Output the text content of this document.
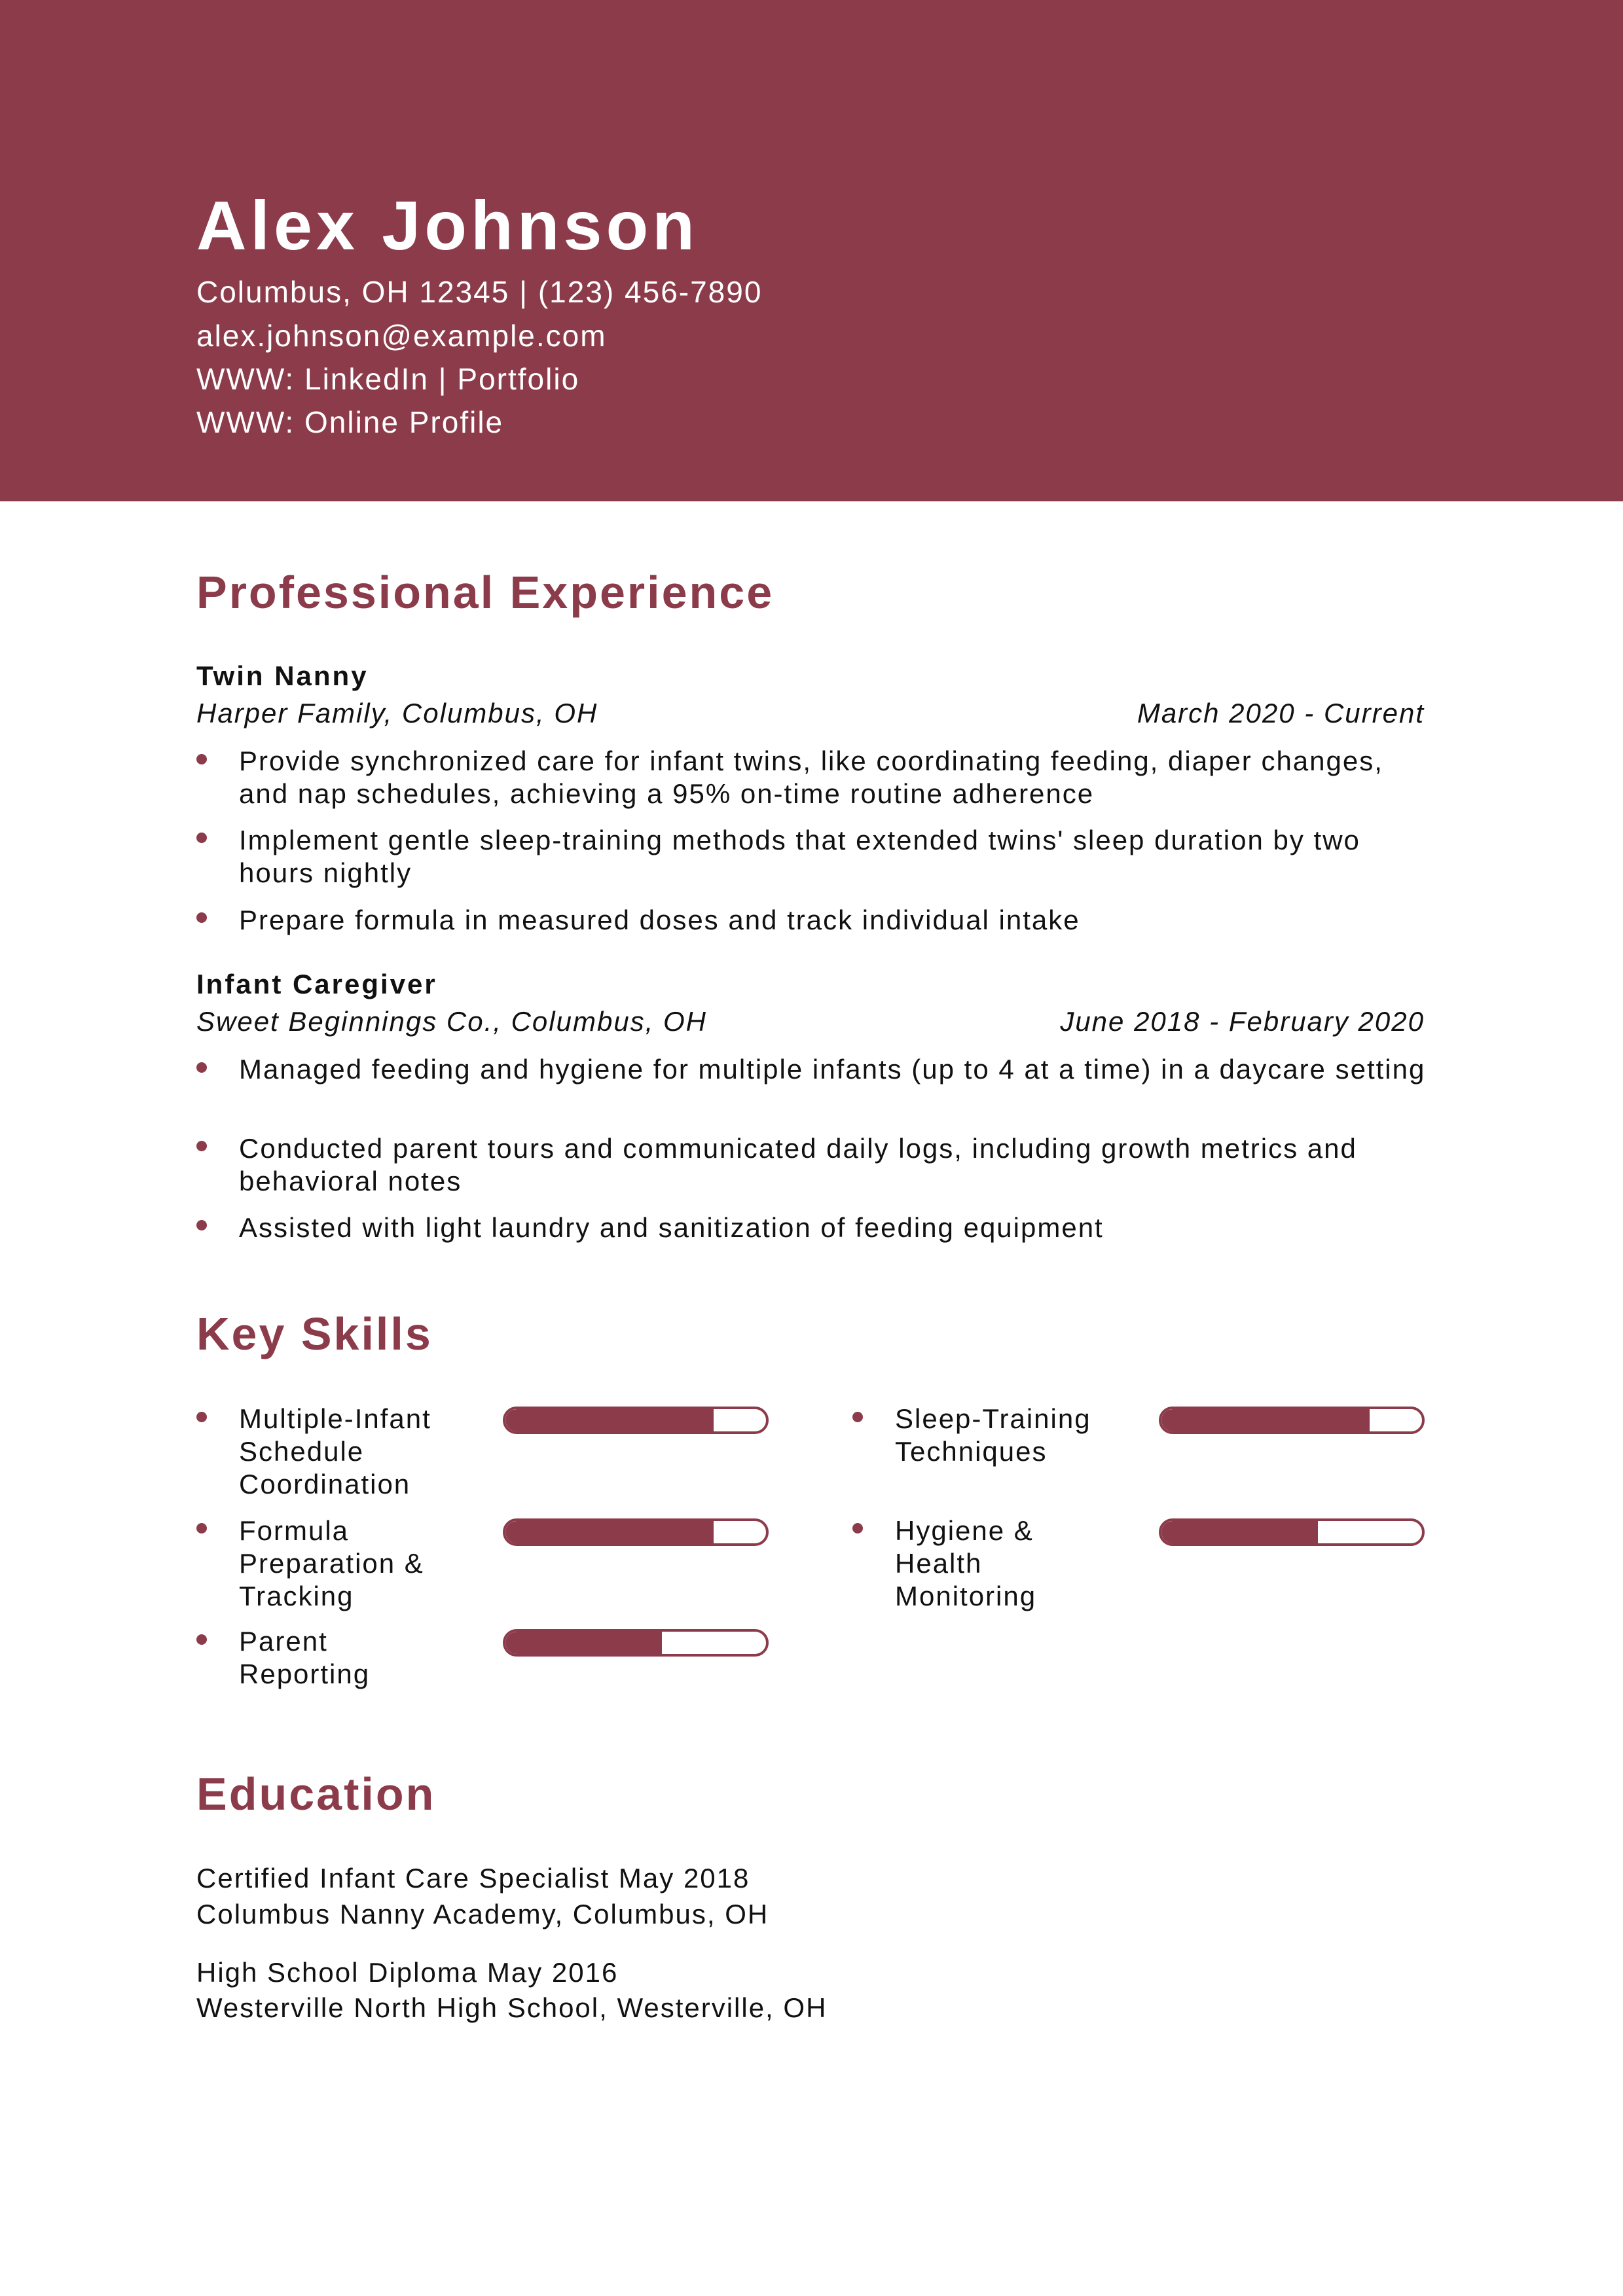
Alex Johnson
Columbus, OH 12345 | (123) 456-7890
alex.johnson@example.com
WWW: LinkedIn | Portfolio
WWW: Online Profile
Professional Experience
Twin Nanny
Harper Family, Columbus, OH	March 2020 - Current
Provide synchronized care for infant twins, like coordinating feeding, diaper changes, and nap schedules, achieving a 95% on-time routine adherence
Implement gentle sleep-training methods that extended twins' sleep duration by two hours nightly
Prepare formula in measured doses and track individual intake
Infant Caregiver
Sweet Beginnings Co., Columbus, OH	June 2018 - February 2020
Managed feeding and hygiene for multiple infants (up to 4 at a time) in a daycare setting
Conducted parent tours and communicated daily logs, including growth metrics and behavioral notes
Assisted with light laundry and sanitization of feeding equipment
Key Skills
Multiple-Infant Schedule Coordination
Sleep-Training Techniques
Formula Preparation & Tracking
Hygiene & Health Monitoring
Parent Reporting
Education
Certified Infant Care Specialist May 2018
Columbus Nanny Academy, Columbus, OH
High School Diploma May 2016
Westerville North High School, Westerville, OH
